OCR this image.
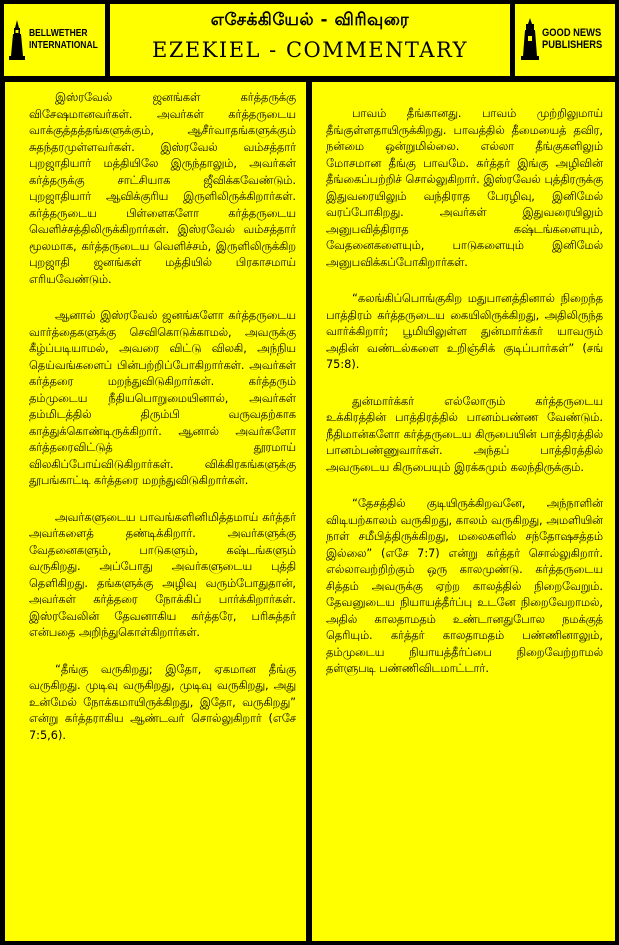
BELLWETHER
INTERNATIONAL
எசேக்கியேல் - விரிவுரை
EZEKIEL - COMMENTARY
GOOD NEWS
PUBLISHERS

இஸ்ரவேல் ஜனங்கள் கர்த்தருக்கு விசேஷமானவர்கள். அவர்கள் கர்த்தருடைய வாக்குத்தத்தங்களுக்கும், ஆசீர்வாதங்களுக்கும் சுதந்தரமுள்ளவர்கள். இஸ்ரவேல் வம்சத்தார் புறஜாதியார் மத்தியிலே இருந்தாலும், அவர்கள் கர்த்தருக்கு சாட்சியாக ஜீவிக்கவேண்டும். புறஜாதியார் ஆவிக்குரிய இருளிலிருக்கிறார்கள். கர்த்தருடைய பிள்ளைகளோ கர்த்தருடைய வெளிச்சத்திலிருக்கிறார்கள். இஸ்ரவேல் வம்சத்தார் மூலமாக, கர்த்தருடைய வெளிச்சம், இருளிலிருக்கிற புறஜாதி ஜனங்கள் மத்தியில் பிரகாசமாய் எரியவேண்டும்.

ஆனால் இஸ்ரவேல் ஜனங்களோ கர்த்தருடைய வார்த்தைகளுக்கு செவிகொடுக்காமல், அவருக்கு கீழ்ப்படியாமல், அவரை விட்டு விலகி, அந்நிய தெய்வங்களைப் பின்பற்றிப்போகிறார்கள். அவர்கள் கர்த்தரை மறந்துவிடுகிறார்கள். கர்த்தரும் தம்முடைய நீதியபொறுமையினால், அவர்கள் தம்மிடத்தில் திரும்பி வருவதற்காக காத்துக்கொண்டிருக்கிறார். ஆனால் அவர்களோ கர்த்தரைவிட்டுத் தூரமாய் விலகிப்போய்விடுகிறார்கள். விக்கிரகங்களுக்கு தூபங்காட்டி கர்த்தரை மறந்துவிடுகிறார்கள்.

அவர்களுடைய பாவங்களினிமித்தமாய் கர்த்தர் அவர்களைத் தண்டிக்கிறார். அவர்களுக்கு வேதனைகளும், பாடுகளும், கஷ்டங்களும் வருகிறது. அப்போது அவர்களுடைய புத்தி தெளிகிறது. தங்களுக்கு அழிவு வரும்போதுதான், அவர்கள் கர்த்தரை நோக்கிப் பார்க்கிறார்கள். இஸ்ரவேலின் தேவனாகிய கர்த்தரே, பரிசுத்தர் என்பதை அறிந்துகொள்கிறார்கள்.

“தீங்கு வருகிறது; இதோ, ஏகமான தீங்கு வருகிறது. முடிவு வருகிறது, முடிவு வருகிறது, அது உன்மேல் நோக்கமாயிருக்கிறது, இதோ, வருகிறது” என்று கர்த்தராகிய ஆண்டவர் சொல்லுகிறார் (எசே 7:5,6).

பாவம் தீங்கானது. பாவம் முற்றிலுமாய் தீங்குள்ளதாயிருக்கிறது. பாவத்தில் தீமையைத் தவிர, நன்மை ஒன்றுமில்லை. எல்லா தீங்குகளிலும் மோசமான தீங்கு பாவமே. கர்த்தர் இங்கு அழிவின் தீங்கைப்பற்றிச் சொல்லுகிறார். இஸ்ரவேல் புத்திரருக்கு இதுவரையிலும் வந்திராத பேரழிவு, இனிமேல் வரப்போகிறது. அவர்கள் இதுவரையிலும் அனுபவித்திராத கஷ்டங்களையும், வேதனைகளையும், பாடுகளையும் இனிமேல் அனுபவிக்கப்போகிறார்கள்.

“கலங்கிப்பொங்குகிற மதுபானத்தினால் நிறைந்த பாத்திரம் கர்த்தருடைய கையிலிருக்கிறது, அதிலிருந்த வார்க்கிறார்; பூமியிலுள்ள துன்மார்க்கர் யாவரும் அதின் வண்டல்களை உறிஞ்சிக் குடிப்பார்கள்” (சங் 75:8).

துன்மார்க்கர் எல்லோரும் கர்த்தருடைய உக்கிரத்தின் பாத்திரத்தில் பானம்பண்ண வேண்டும். நீதிமான்களோ கர்த்தருடைய கிருபையின் பாத்திரத்தில் பானம்பண்ணுவார்கள். அந்தப் பாத்திரத்தில் அவருடைய கிருபையும் இரக்கமும் கலந்திருக்கும்.

“தேசத்தில் குடியிருக்கிறவனே, அந்நாளின் விடியற்காலம் வருகிறது, காலம் வருகிறது, அமளியின் நாள் சமீபித்திருக்கிறது, மலைகளில் சந்தோஷசத்தம் இல்லை” (எசே 7:7) என்று கர்த்தர் சொல்லுகிறார். எல்லாவற்றிற்கும் ஒரு காலமுண்டு. கர்த்தருடைய சித்தம் அவருக்கு ஏற்ற காலத்தில் நிறைவேறும். தேவனுடைய நியாயத்தீர்ப்பு உடனே நிறைவேறாமல், அதில் காலதாமதம் உண்டானதுபோல நமக்குத் தெரியும். கர்த்தர் காலதாமதம் பண்ணினாலும், தம்முடைய நியாயத்தீர்ப்பை நிறைவேற்றாமல் தள்ளுபடி பண்ணிவிடமாட்டார்.
